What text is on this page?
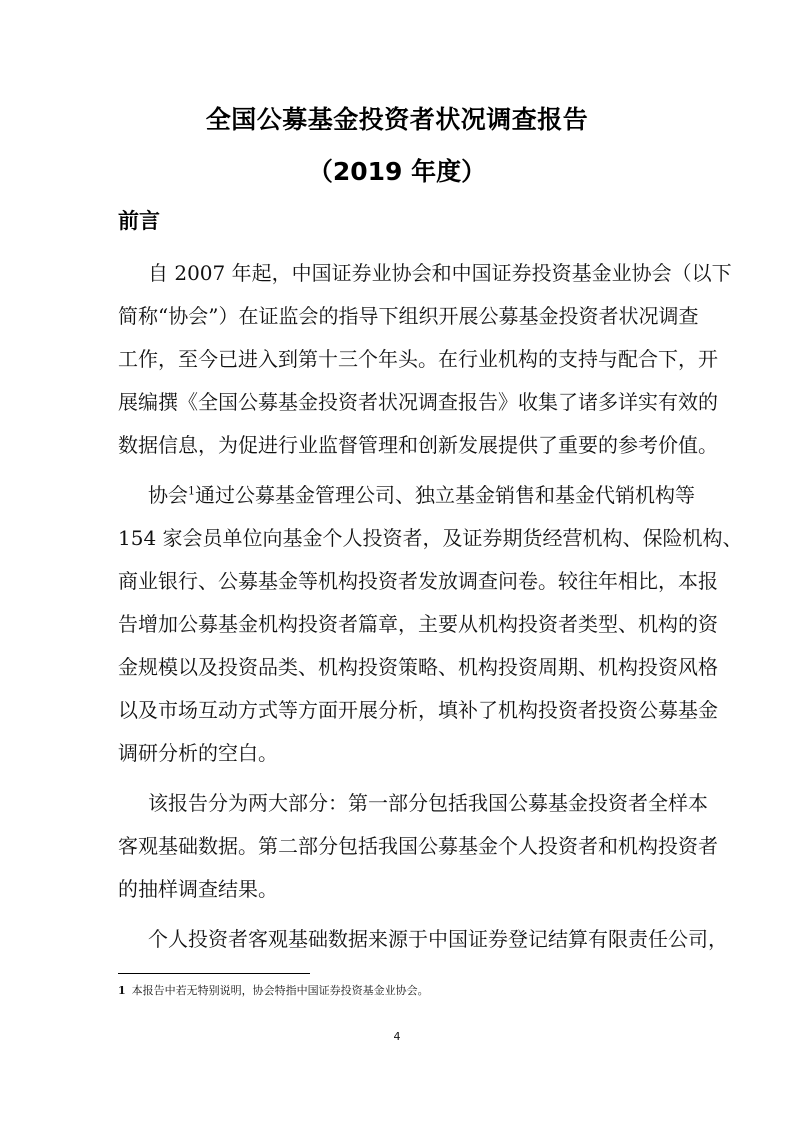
全国公募基金投资者状况调查报告
（2019 年度）
前言
自 2007 年起，中国证券业协会和中国证券投资基金业协会（以下
简称“协会”）在证监会的指导下组织开展公募基金投资者状况调查
工作，至今已进入到第十三个年头。在行业机构的支持与配合下，开
展编撰《全国公募基金投资者状况调查报告》收集了诸多详实有效的
数据信息，为促进行业监督管理和创新发展提供了重要的参考价值。
协会$^1$通过公募基金管理公司、独立基金销售和基金代销机构等
154 家会员单位向基金个人投资者，及证券期货经营机构、保险机构、
商业银行、公募基金等机构投资者发放调查问卷。较往年相比，本报
告增加公募基金机构投资者篇章，主要从机构投资者类型、机构的资
金规模以及投资品类、机构投资策略、机构投资周期、机构投资风格
以及市场互动方式等方面开展分析，填补了机构投资者投资公募基金
调研分析的空白。
该报告分为两大部分：第一部分包括我国公募基金投资者全样本
客观基础数据。第二部分包括我国公募基金个人投资者和机构投资者
的抽样调查结果。
个人投资者客观基础数据来源于中国证券登记结算有限责任公司，
1 本报告中若无特别说明，协会特指中国证券投资基金业协会。
4
